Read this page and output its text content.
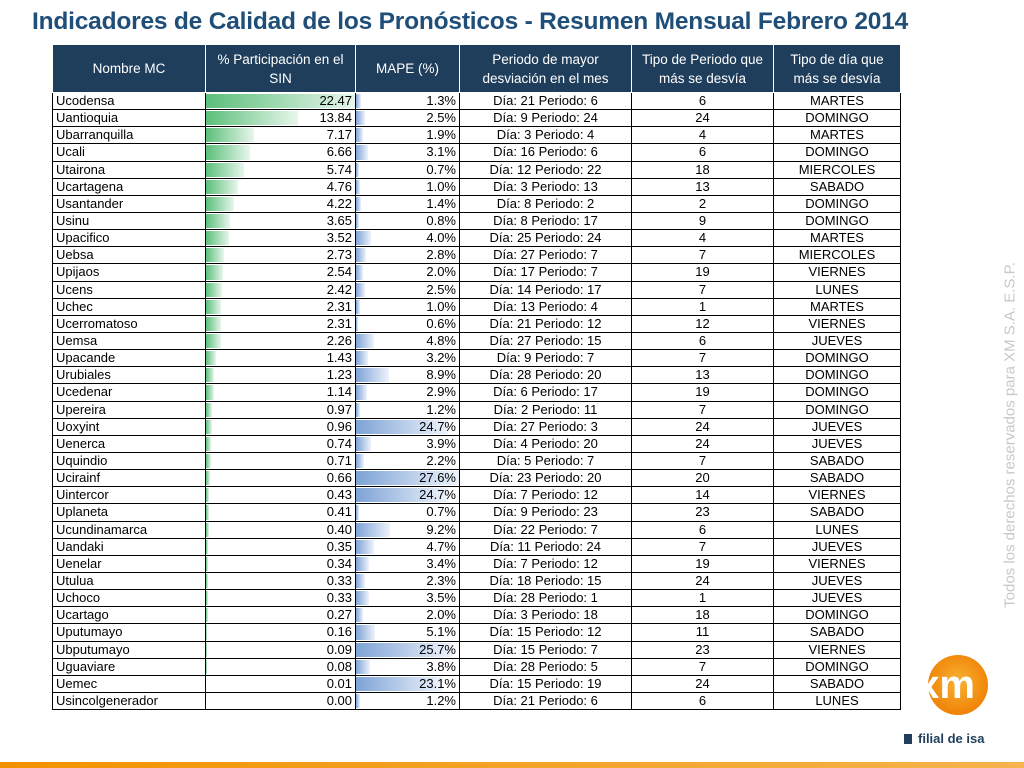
Indicadores de Calidad de los Pronósticos - Resumen Mensual Febrero 2014
Nombre MC	% Participación en el SIN	MAPE (%)	Periodo de mayor desviación en el mes	Tipo de Periodo que más se desvía	Tipo de día que más se desvía
Ucodensa	22.47	1.3%	Día: 21 Periodo: 6	6	MARTES
Uantioquia	13.84	2.5%	Día: 9 Periodo: 24	24	DOMINGO
Ubarranquilla	7.17	1.9%	Día: 3 Periodo: 4	4	MARTES
Ucali	6.66	3.1%	Día: 16 Periodo: 6	6	DOMINGO
Utairona	5.74	0.7%	Día: 12 Periodo: 22	18	MIERCOLES
Ucartagena	4.76	1.0%	Día: 3 Periodo: 13	13	SABADO
Usantander	4.22	1.4%	Día: 8 Periodo: 2	2	DOMINGO
Usinu	3.65	0.8%	Día: 8 Periodo: 17	9	DOMINGO
Upacifico	3.52	4.0%	Día: 25 Periodo: 24	4	MARTES
Uebsa	2.73	2.8%	Día: 27 Periodo: 7	7	MIERCOLES
Upijaos	2.54	2.0%	Día: 17 Periodo: 7	19	VIERNES
Ucens	2.42	2.5%	Día: 14 Periodo: 17	7	LUNES
Uchec	2.31	1.0%	Día: 13 Periodo: 4	1	MARTES
Ucerromatoso	2.31	0.6%	Día: 21 Periodo: 12	12	VIERNES
Uemsa	2.26	4.8%	Día: 27 Periodo: 15	6	JUEVES
Upacande	1.43	3.2%	Día: 9 Periodo: 7	7	DOMINGO
Urubiales	1.23	8.9%	Día: 28 Periodo: 20	13	DOMINGO
Ucedenar	1.14	2.9%	Día: 6 Periodo: 17	19	DOMINGO
Upereira	0.97	1.2%	Día: 2 Periodo: 11	7	DOMINGO
Uoxyint	0.96	24.7%	Día: 27 Periodo: 3	24	JUEVES
Uenerca	0.74	3.9%	Día: 4 Periodo: 20	24	JUEVES
Uquindio	0.71	2.2%	Día: 5 Periodo: 7	7	SABADO
Ucirainf	0.66	27.6%	Día: 23 Periodo: 20	20	SABADO
Uintercor	0.43	24.7%	Día: 7 Periodo: 12	14	VIERNES
Uplaneta	0.41	0.7%	Día: 9 Periodo: 23	23	SABADO
Ucundinamarca	0.40	9.2%	Día: 22 Periodo: 7	6	LUNES
Uandaki	0.35	4.7%	Día: 11 Periodo: 24	7	JUEVES
Uenelar	0.34	3.4%	Día: 7 Periodo: 12	19	VIERNES
Utulua	0.33	2.3%	Día: 18 Periodo: 15	24	JUEVES
Uchoco	0.33	3.5%	Día: 28 Periodo: 1	1	JUEVES
Ucartago	0.27	2.0%	Día: 3 Periodo: 18	18	DOMINGO
Uputumayo	0.16	5.1%	Día: 15 Periodo: 12	11	SABADO
Ubputumayo	0.09	25.7%	Día: 15 Periodo: 7	23	VIERNES
Uguaviare	0.08	3.8%	Día: 28 Periodo: 5	7	DOMINGO
Uemec	0.01	23.1%	Día: 15 Periodo: 19	24	SABADO
Usincolgenerador	0.00	1.2%	Día: 21 Periodo: 6	6	LUNES
Todos los derechos reservados para XM S.A. E.S.P.
xm
filial de isa
